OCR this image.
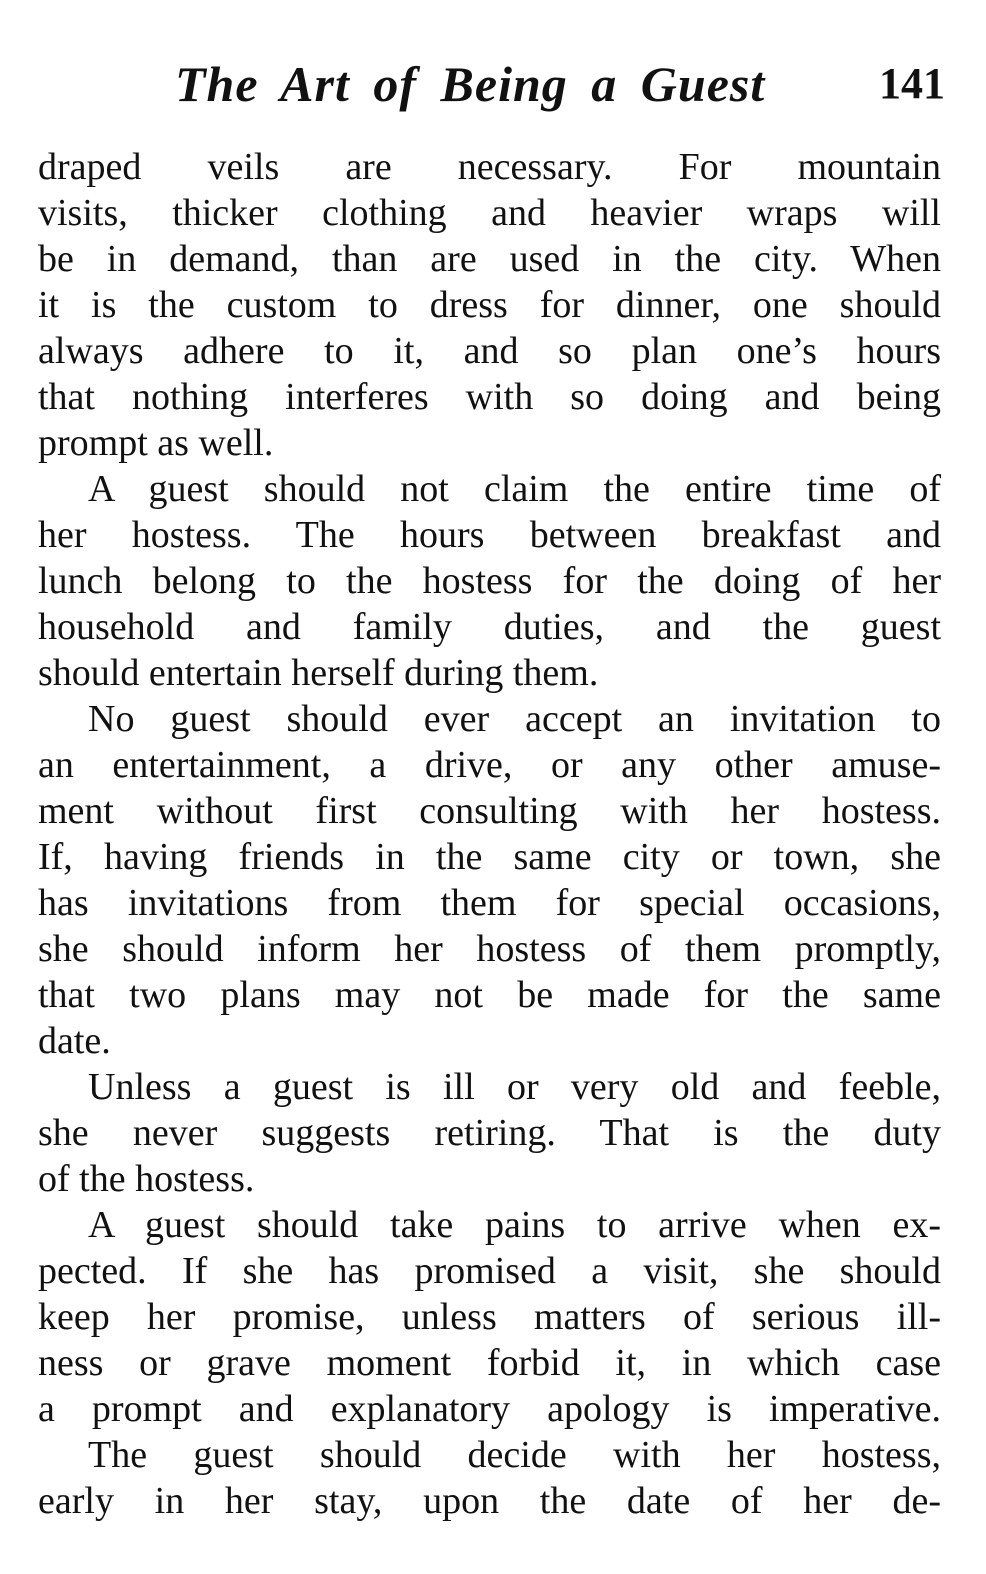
The Art of Being a Guest	141
draped veils are necessary. For mountain
visits, thicker clothing and heavier wraps will
be in demand, than are used in the city. When
it is the custom to dress for dinner, one should
always adhere to it, and so plan one’s hours
that nothing interferes with so doing and being
prompt as well.
A guest should not claim the entire time of
her hostess. The hours between breakfast and
lunch belong to the hostess for the doing of her
household and family duties, and the guest
should entertain herself during them.
No guest should ever accept an invitation to
an entertainment, a drive, or any other amuse-
ment without first consulting with her hostess.
If, having friends in the same city or town, she
has invitations from them for special occasions,
she should inform her hostess of them promptly,
that two plans may not be made for the same
date.
Unless a guest is ill or very old and feeble,
she never suggests retiring. That is the duty
of the hostess.
A guest should take pains to arrive when ex-
pected. If she has promised a visit, she should
keep her promise, unless matters of serious ill-
ness or grave moment forbid it, in which case
a prompt and explanatory apology is imperative.
The guest should decide with her hostess,
early in her stay, upon the date of her de-
